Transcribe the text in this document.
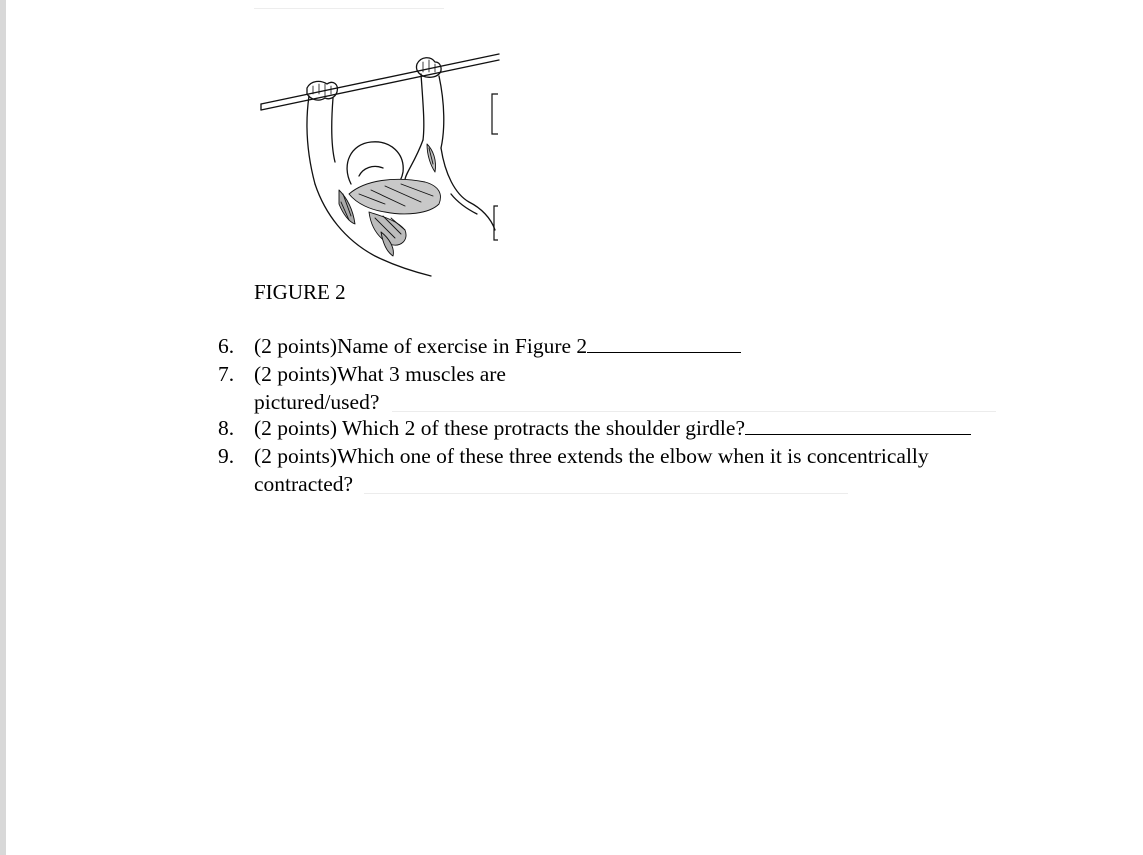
FIGURE 2
6. (2 points)Name of exercise in Figure 2
7. (2 points)What 3 muscles are
pictured/used?
8. (2 points) Which 2 of these protracts the shoulder girdle?
9. (2 points)Which one of these three extends the elbow when it is concentrically
contracted?
